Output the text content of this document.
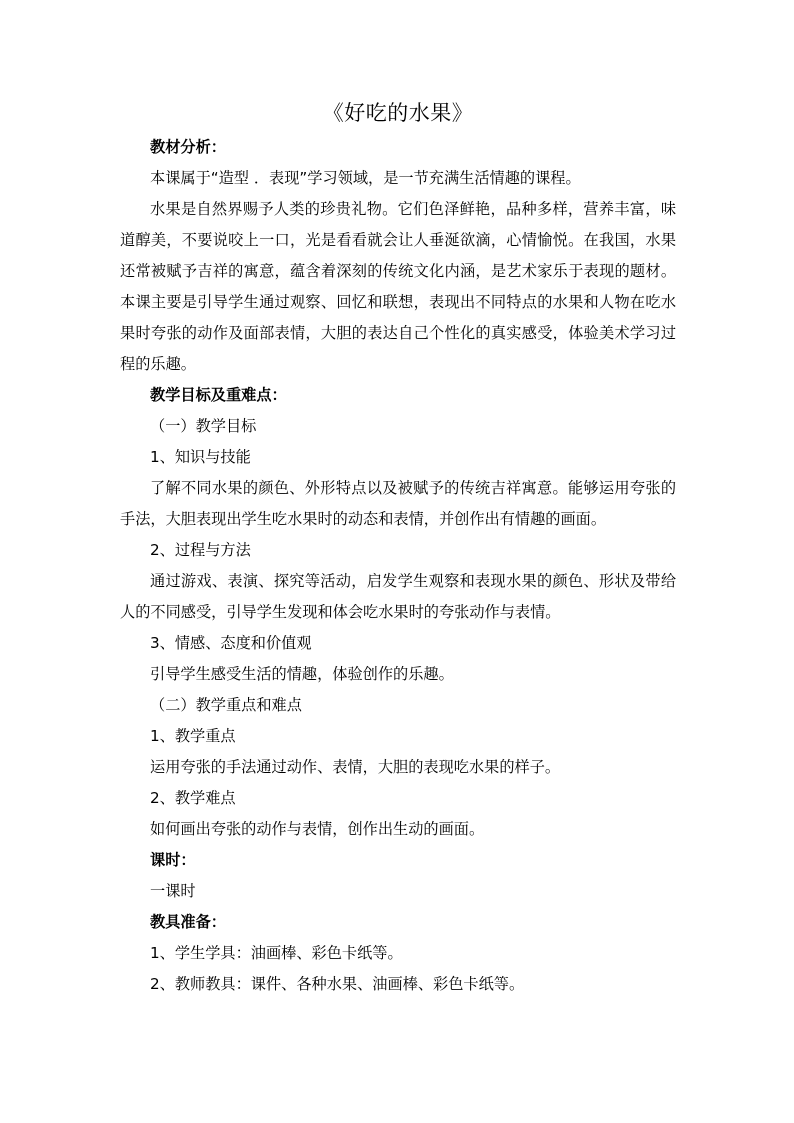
《好吃的水果》

教材分析：

本课属于“造型 ．表现”学习领域，是一节充满生活情趣的课程。

水果是自然界赐予人类的珍贵礼物。它们色泽鲜艳，品种多样，营养丰富，味道醇美，不要说咬上一口，光是看看就会让人垂涎欲滴，心情愉悦。在我国，水果还常被赋予吉祥的寓意，蕴含着深刻的传统文化内涵，是艺术家乐于表现的题材。本课主要是引导学生通过观察、回忆和联想，表现出不同特点的水果和人物在吃水果时夸张的动作及面部表情，大胆的表达自己个性化的真实感受，体验美术学习过程的乐趣。

教学目标及重难点：

（一）教学目标

1、知识与技能

了解不同水果的颜色、外形特点以及被赋予的传统吉祥寓意。能够运用夸张的手法，大胆表现出学生吃水果时的动态和表情，并创作出有情趣的画面。

2、过程与方法

通过游戏、表演、探究等活动，启发学生观察和表现水果的颜色、形状及带给人的不同感受，引导学生发现和体会吃水果时的夸张动作与表情。

3、情感、态度和价值观

引导学生感受生活的情趣，体验创作的乐趣。

（二）教学重点和难点

1、教学重点

运用夸张的手法通过动作、表情，大胆的表现吃水果的样子。

2、教学难点

如何画出夸张的动作与表情，创作出生动的画面。

课时：

一课时

教具准备：

1、学生学具：油画棒、彩色卡纸等。

2、教师教具：课件、各种水果、油画棒、彩色卡纸等。
